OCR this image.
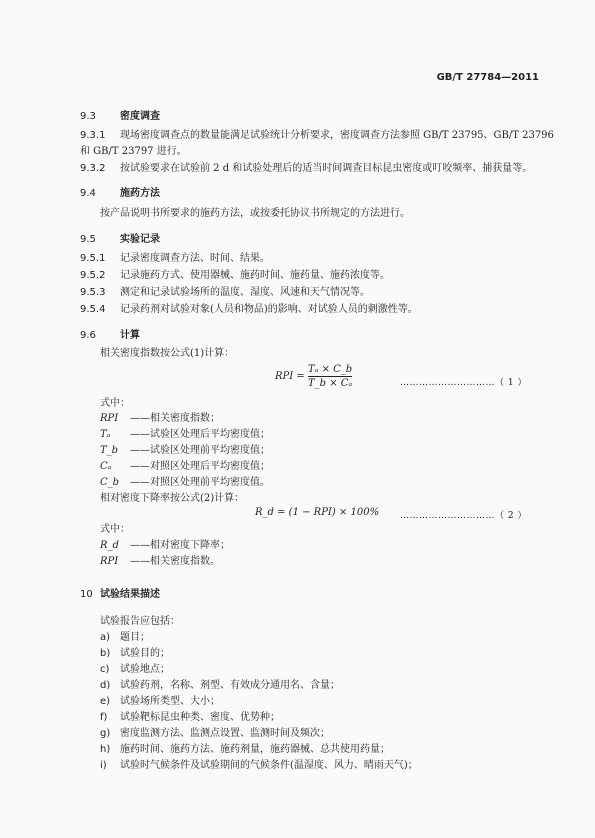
GB/T 27784—2011
9.3 密度调查
9.3.1 现场密度调查点的数量能满足试验统计分析要求，密度调查方法参照 GB/T 23795、GB/T 23796
和 GB/T 23797 进行。
9.3.2 按试验要求在试验前 2 d 和试验处理后的适当时间调查目标昆虫密度或叮咬频率、捕获量等。
9.4 施药方法
按产品说明书所要求的施药方法，或按委托协议书所规定的方法进行。
9.5 实验记录
9.5.1 记录密度调查方法、时间、结果。
9.5.2 记录施药方式、使用器械、施药时间、施药量、施药浓度等。
9.5.3 测定和记录试验场所的温度、湿度、风速和天气情况等。
9.5.4 记录药剂对试验对象(人员和物品)的影响、对试验人员的刺激性等。
9.6 计算
相关密度指数按公式(1)计算：
RPI = $\frac{\text{Tₐ × C\_b}}{\text{T\_b × Cₐ}}$	…………………………（ 1 ）
式中：
RPI ——相关密度指数；
Tₐ ——试验区处理后平均密度值；
T_b ——试验区处理前平均密度值；
Cₐ ——对照区处理后平均密度值；
C_b ——对照区处理前平均密度值。
相对密度下降率按公式(2)计算：
R_d = (1 − RPI) × 100% …………………………（ 2 ）
式中：
R_d ——相对密度下降率；
RPI ——相关密度指数。
10 试验结果描述
试验报告应包括：
a) 题目；
b) 试验目的；
c) 试验地点；
d) 试验药剂，名称、剂型、有效成分通用名、含量；
e) 试验场所类型、大小；
f) 试验靶标昆虫种类、密度、优势种；
g) 密度监测方法、监测点设置、监测时间及频次；
h) 施药时间、施药方法、施药剂量，施药器械、总共使用药量；
i) 试验时气候条件及试验期间的气候条件(温湿度、风力、晴雨天气)；
